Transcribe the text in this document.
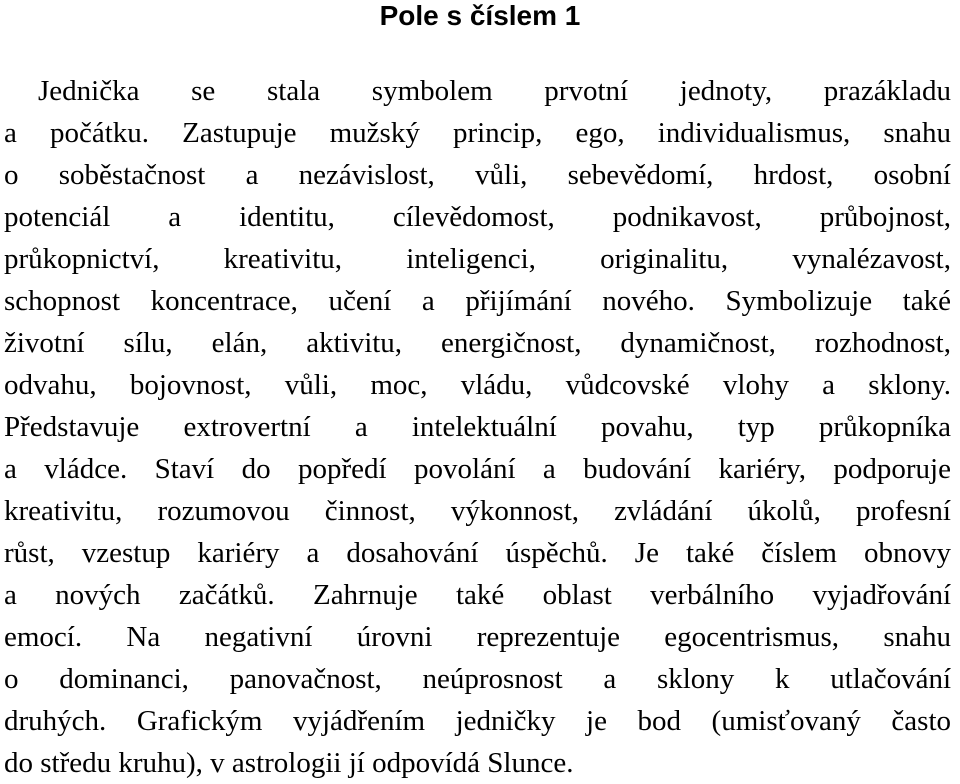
Pole s číslem 1
Jednička se stala symbolem prvotní jednoty, prazákladu
a počátku. Zastupuje mužský princip, ego, individualismus, snahu
o soběstačnost a nezávislost, vůli, sebevědomí, hrdost, osobní
potenciál a identitu, cílevědomost, podnikavost, průbojnost,
průkopnictví, kreativitu, inteligenci, originalitu, vynalézavost,
schopnost koncentrace, učení a přijímání nového. Symbolizuje také
životní sílu, elán, aktivitu, energičnost, dynamičnost, rozhodnost,
odvahu, bojovnost, vůli, moc, vládu, vůdcovské vlohy a sklony.
Představuje extrovertní a intelektuální povahu, typ průkopníka
a vládce. Staví do popředí povolání a budování kariéry, podporuje
kreativitu, rozumovou činnost, výkonnost, zvládání úkolů, profesní
růst, vzestup kariéry a dosahování úspěchů. Je také číslem obnovy
a nových začátků. Zahrnuje také oblast verbálního vyjadřování
emocí. Na negativní úrovni reprezentuje egocentrismus, snahu
o dominanci, panovačnost, neúprosnost a sklony k utlačování
druhých. Grafickým vyjádřením jedničky je bod (umisťovaný často
do středu kruhu), v astrologii jí odpovídá Slunce.
